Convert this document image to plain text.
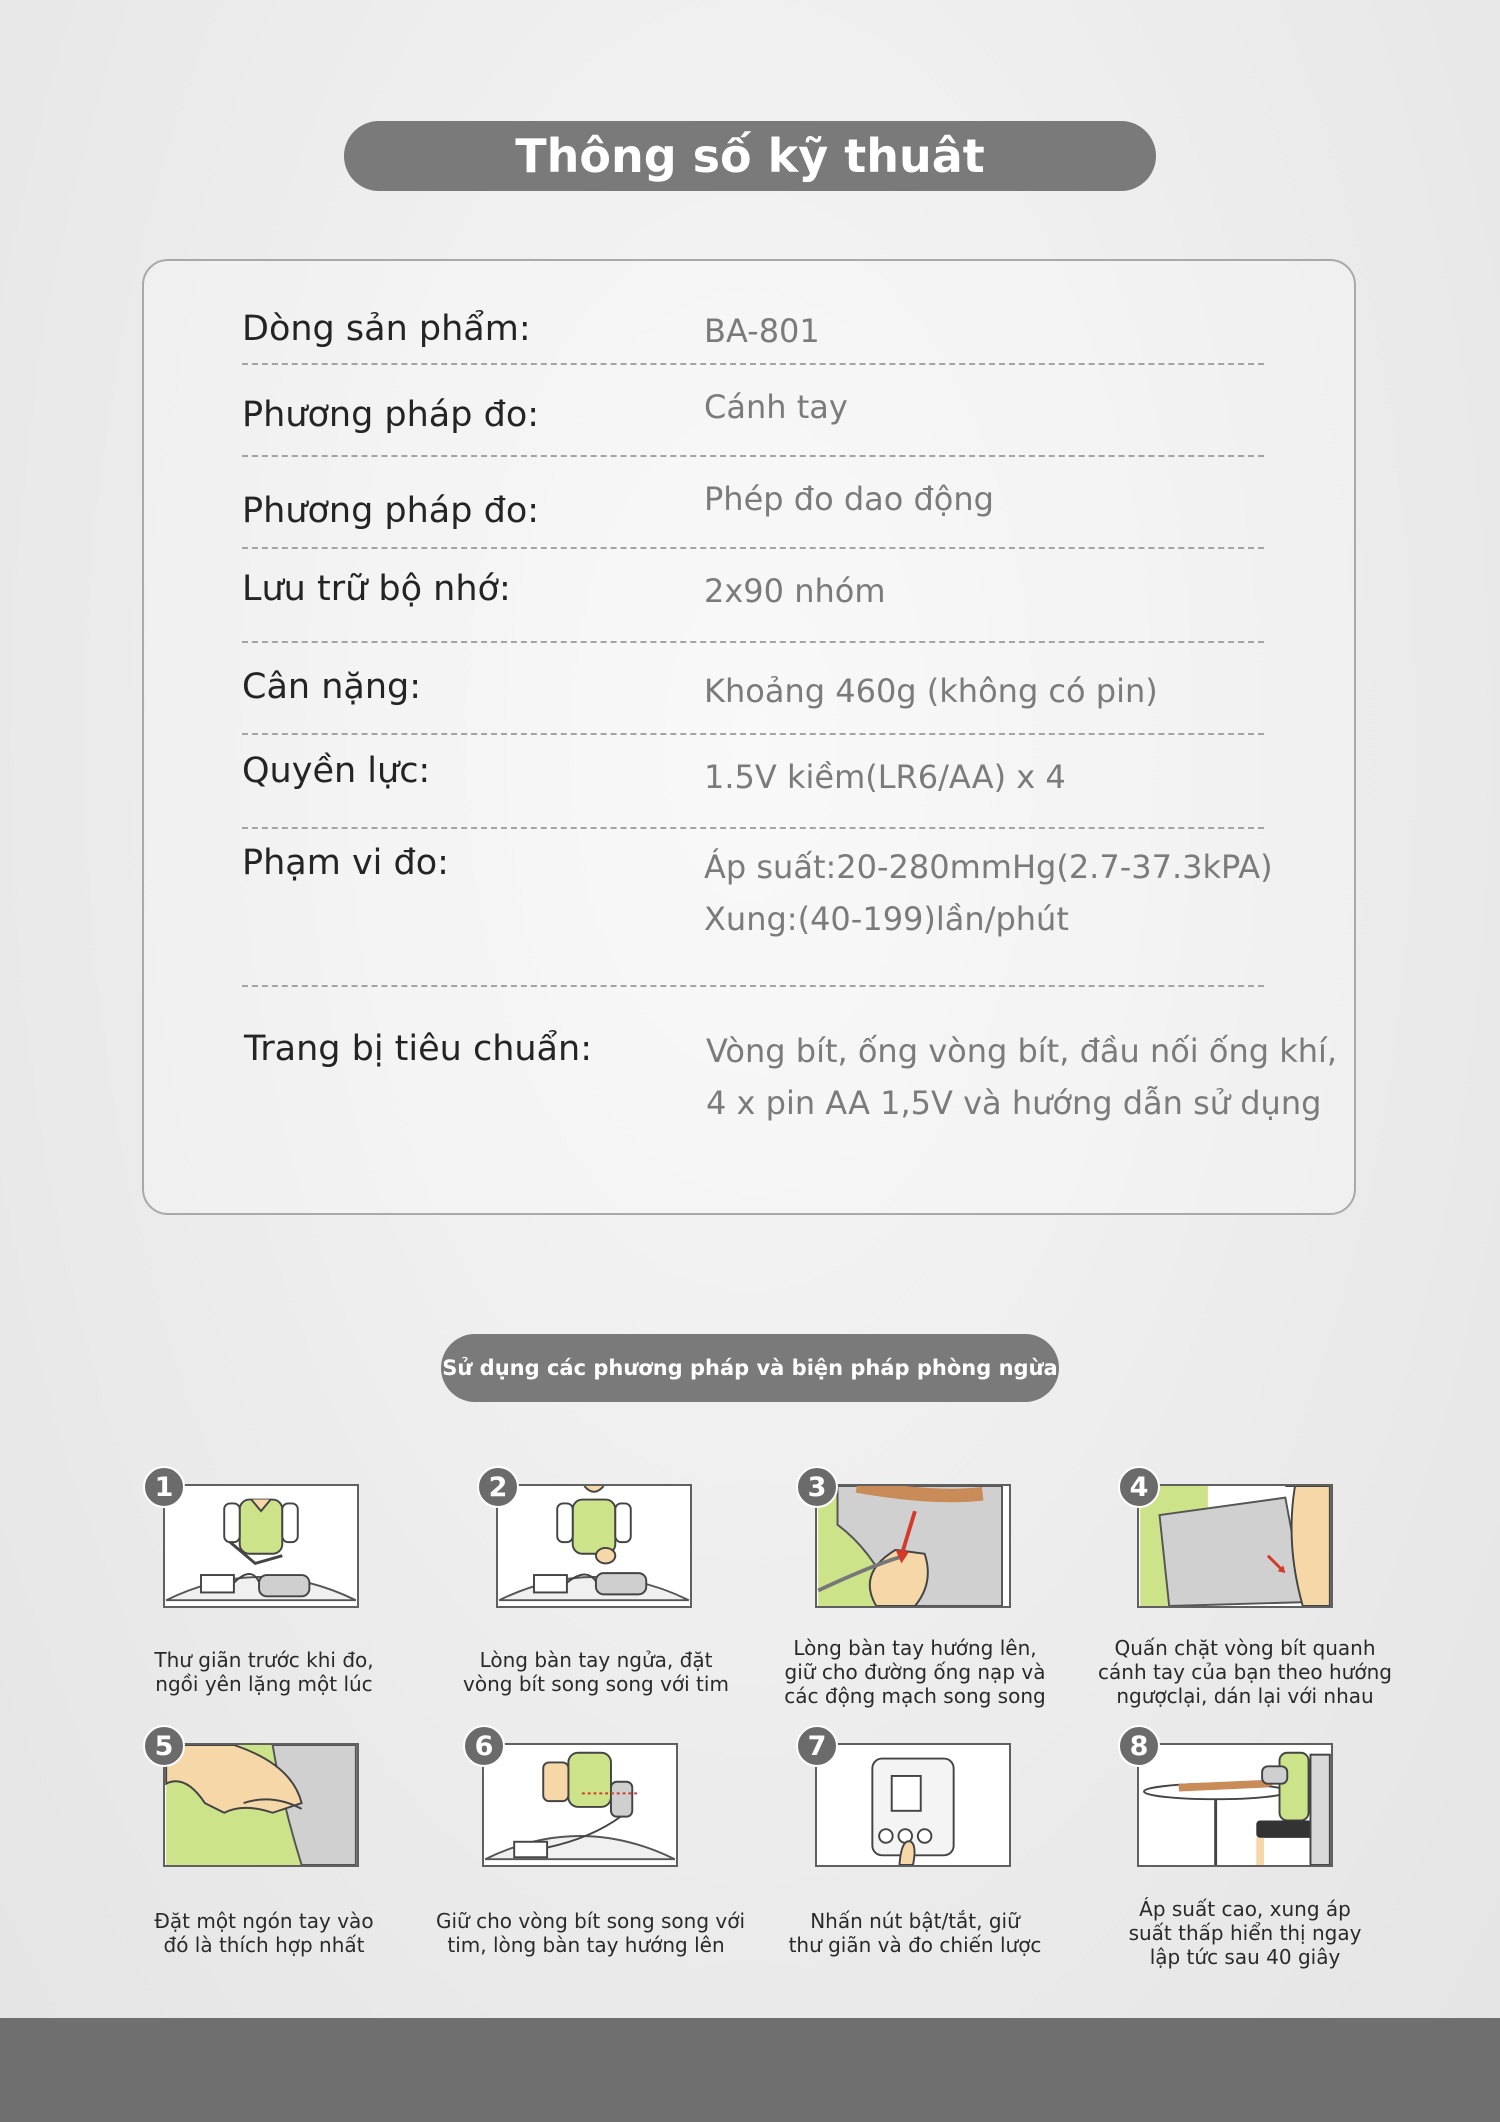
Thông số kỹ thuât
Dòng sản phẩm:	BA-801
Phương pháp đo:	Cánh tay
Phương pháp đo:	Phép đo dao động
Lưu trữ bộ nhớ:	2x90 nhóm
Cân nặng:	Khoảng 460g (không có pin)
Quyền lực:	1.5V kiềm(LR6/AA) x 4
Phạm vi đo:	Áp suất:20-280mmHg(2.7-37.3kPA)
Xung:(40-199)lần/phút
Trang bị tiêu chuẩn:	Vòng bít, ống vòng bít, đầu nối ống khí,
4 x pin AA 1,5V và hướng dẫn sử dụng
Sử dụng các phương pháp và biện pháp phòng ngừa
1
Thư giãn trước khi đo,
ngồi yên lặng một lúc
2
Lòng bàn tay ngửa, đặt
vòng bít song song với tim
3
Lòng bàn tay hướng lên,
giữ cho đường ống nạp và
các động mạch song song
4
Quấn chặt vòng bít quanh
cánh tay của bạn theo hướng
ngượclại, dán lại với nhau
5
Đặt một ngón tay vào
đó là thích hợp nhất
6
Giữ cho vòng bít song song với
tim, lòng bàn tay hướng lên
7
Nhấn nút bật/tắt, giữ
thư giãn và đo chiến lược
8
Áp suất cao, xung áp
suất thấp hiển thị ngay
lập tức sau 40 giây
